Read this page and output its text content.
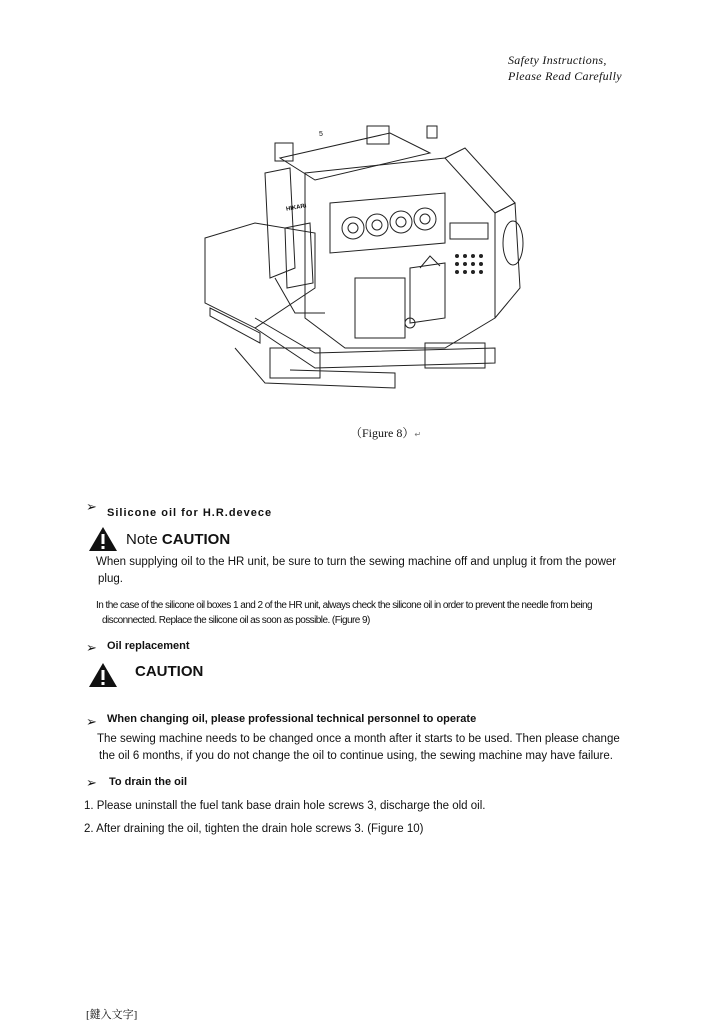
Safety Instructions,
Please Read Carefully
5
HIKARI
（Figure 8）↵
➢ Silicone oil for H.R.devece
Note CAUTION
When supplying oil to the HR unit, be sure to turn the sewing machine off and unplug it from the power
plug.
In the case of the silicone oil boxes 1 and 2 of the HR unit, always check the silicone oil in order to prevent the needle from being
disconnected. Replace the silicone oil as soon as possible. (Figure 9)
➢ Oil replacement
CAUTION
➢ When changing oil, please professional technical personnel to operate
The sewing machine needs to be changed once a month after it starts to be used. Then please change
the oil 6 months, if you do not change the oil to continue using, the sewing machine may have failure.
➢ To drain the oil
1. Please uninstall the fuel tank base drain hole screws 3, discharge the old oil.
2. After draining the oil, tighten the drain hole screws 3. (Figure 10)
[鍵入文字]
